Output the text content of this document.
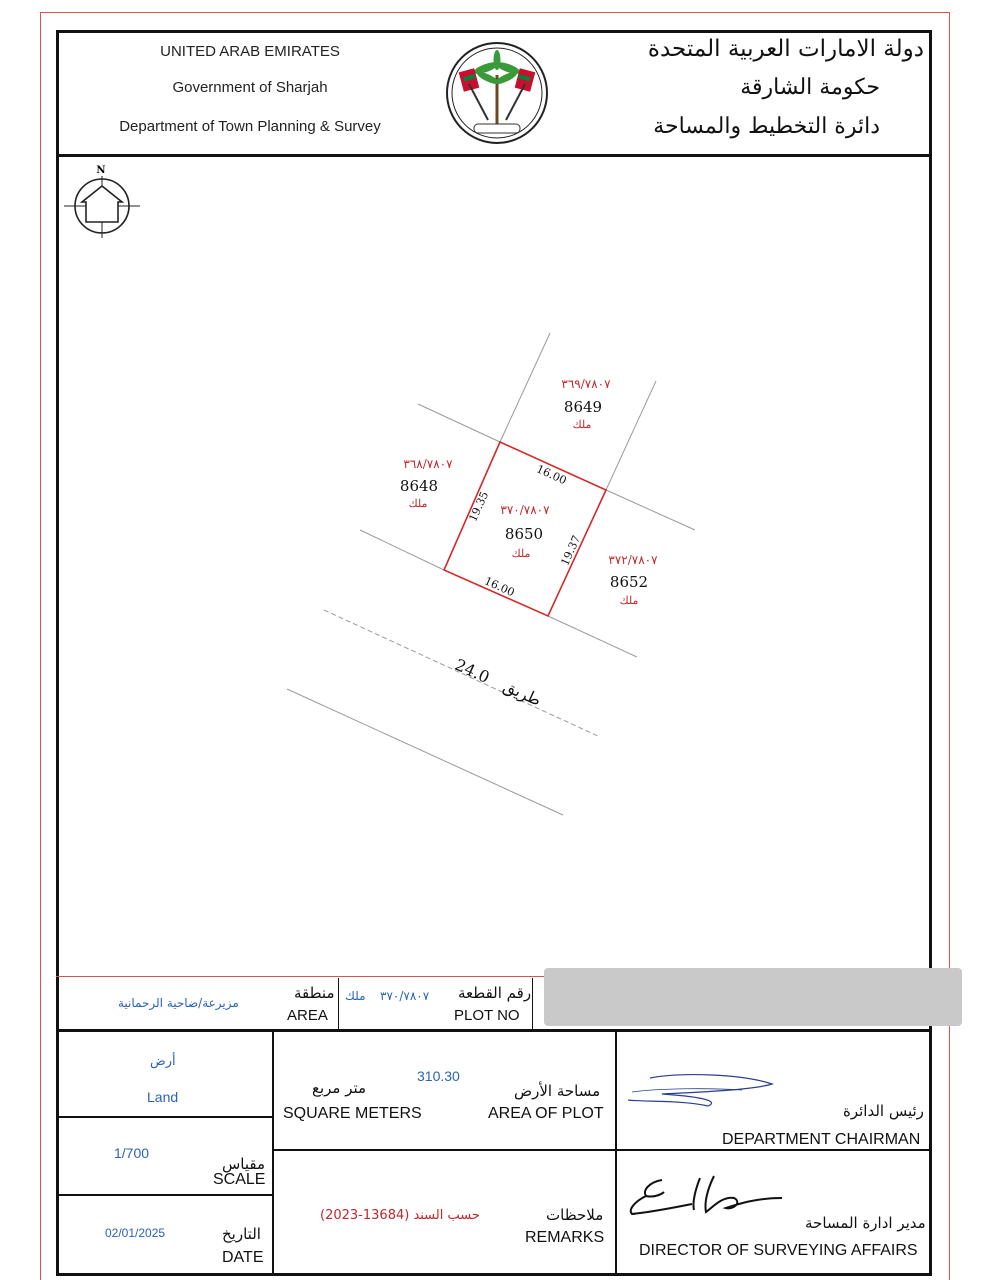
UNITED ARAB EMIRATES
Government of Sharjah
Department of Town Planning & Survey
دولة الامارات العربية المتحدة
حكومة الشارقة
دائرة التخطيط والمساحة
N
٣٦٩/٧٨٠٧
8649
ملك
٣٦٨/٧٨٠٧
8648
ملك	٣٧٠/٧٨٠٧
8650
ملك	٣٧٢/٧٨٠٧
8652
ملك
16.00
16.00
19.35
19.37
24.0
طريق
مزيرعة/ضاحية الرحمانية
منطقة
AREA
٣٧٠/٧٨٠٧
ملك	رقم القطعة
PLOT NO
أرض
Land
1/700
مقياس
SCALE
02/01/2025	التاريخ
DATE
310.30
متر مربع
SQUARE METERS
مساحة الأرض
AREA OF PLOT
حسب السند (13684-2023)	ملاحظات
REMARKS
رئيس الدائرة
DEPARTMENT CHAIRMAN
مدير ادارة المساحة
DIRECTOR OF SURVEYING AFFAIRS
